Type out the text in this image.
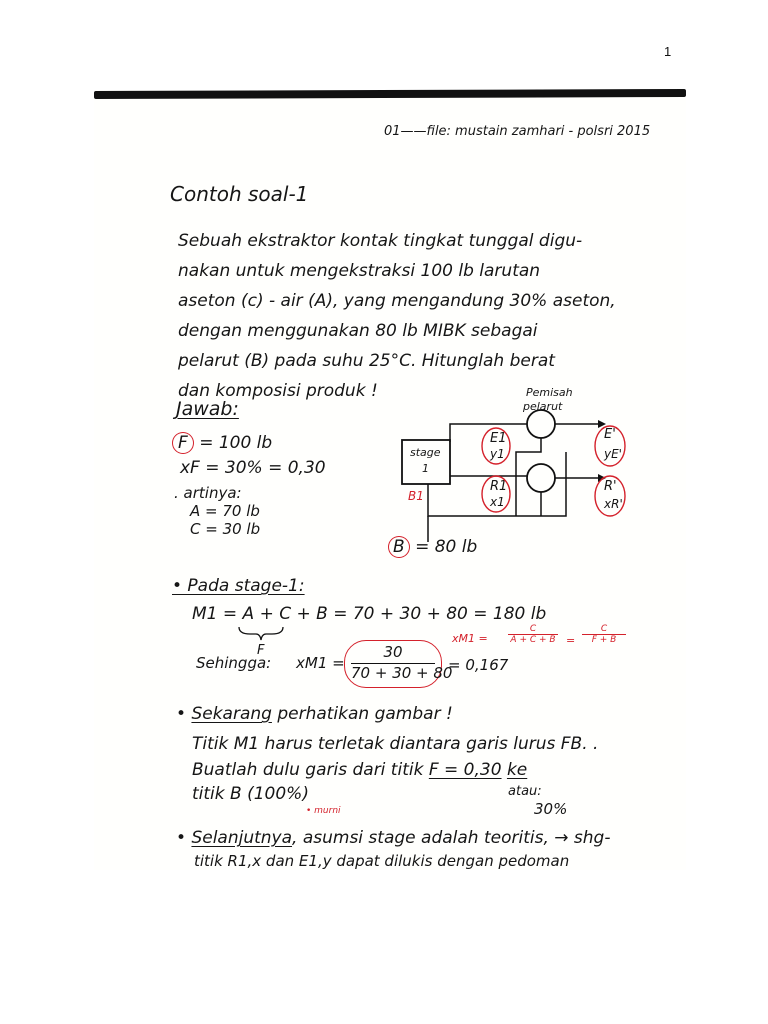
1
01——file: mustain zamhari - polsri 2015
Contoh soal-1
Sebuah ekstraktor kontak tingkat tunggal digu-
nakan untuk mengekstraksi 100 lb larutan
aseton (c) - air (A), yang mengandung 30% aseton,
dengan menggunakan 80 lb MIBK sebagai
pelarut (B) pada suhu 25°C. Hitunglah berat
dan komposisi produk !
Jawab:
F = 100 lb
xF = 30% = 0,30
. artinya:
A = 70 lb
C = 30 lb
Pemisah
pelarut
stage
1
E1
y1
R1
x1
B1
E'
yE'
R'
xR'
B = 80 lb
• Pada stage-1:
M1 = A + C + B = 70 + 30 + 80 = 180 lb
F
$xM1 = \frac{C}{A + C + B} = \frac{C}{F + B}$
Sehingga: $xM1 = \frac{30}{70 + 30 + 80} = 0,167$
• Sekarang perhatikan gambar !
Titik M1 harus terletak diantara garis lurus FB. .
Buatlah dulu garis dari titik F = 0,30 ke
titik B (100%)
• murni
atau:
30%
• Selanjutnya, asumsi stage adalah teoritis, → shg-
titik R1,x dan E1,y dapat dilukis dengan pedoman
